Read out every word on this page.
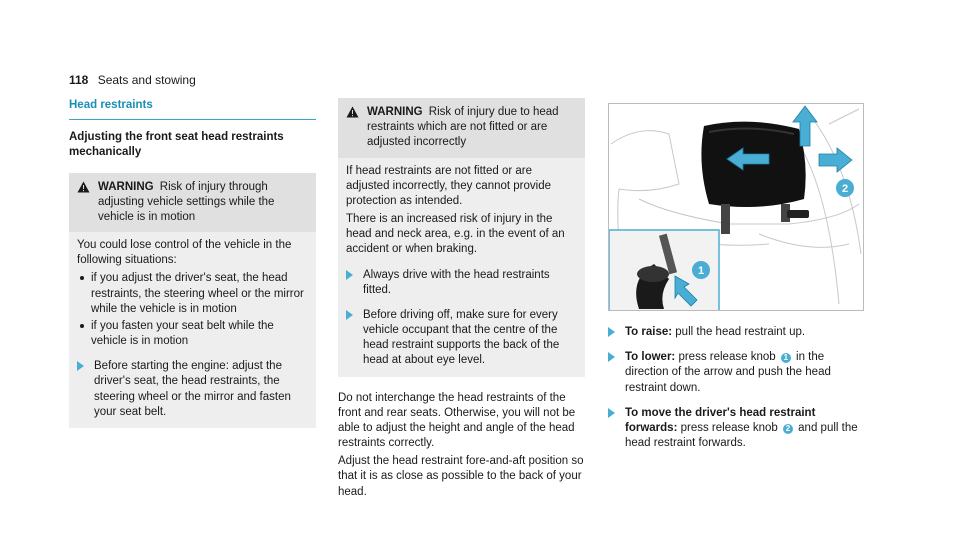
118 Seats and stowing
Head restraints
Adjusting the front seat head restraints mechanically
WARNING Risk of injury through adjusting vehicle settings while the vehicle is in motion

You could lose control of the vehicle in the following situations:

if you adjust the driver's seat, the head restraints, the steering wheel or the mirror while the vehicle is in motion
if you fasten your seat belt while the vehicle is in motion
Before starting the engine: adjust the driver's seat, the head restraints, the steering wheel or the mirror and fasten your seat belt.
WARNING Risk of injury due to head restraints which are not fitted or are adjusted incorrectly

If head restraints are not fitted or are adjusted incorrectly, they cannot provide protection as intended.

There is an increased risk of injury in the head and neck area, e.g. in the event of an accident or when braking.

Always drive with the head restraints fitted.
Before driving off, make sure for every vehicle occupant that the centre of the head restraint supports the back of the head at about eye level.

Do not interchange the head restraints of the front and rear seats. Otherwise, you will not be able to adjust the height and angle of the head restraints correctly.

Adjust the head restraint fore-and-aft position so that it is as close as possible to the back of your head.

2
1
To raise: pull the head restraint up.
To lower: press release knob 1 in the direction of the arrow and push the head restraint down.
To move the driver's head restraint forwards: press release knob 2 and pull the head restraint forwards.
